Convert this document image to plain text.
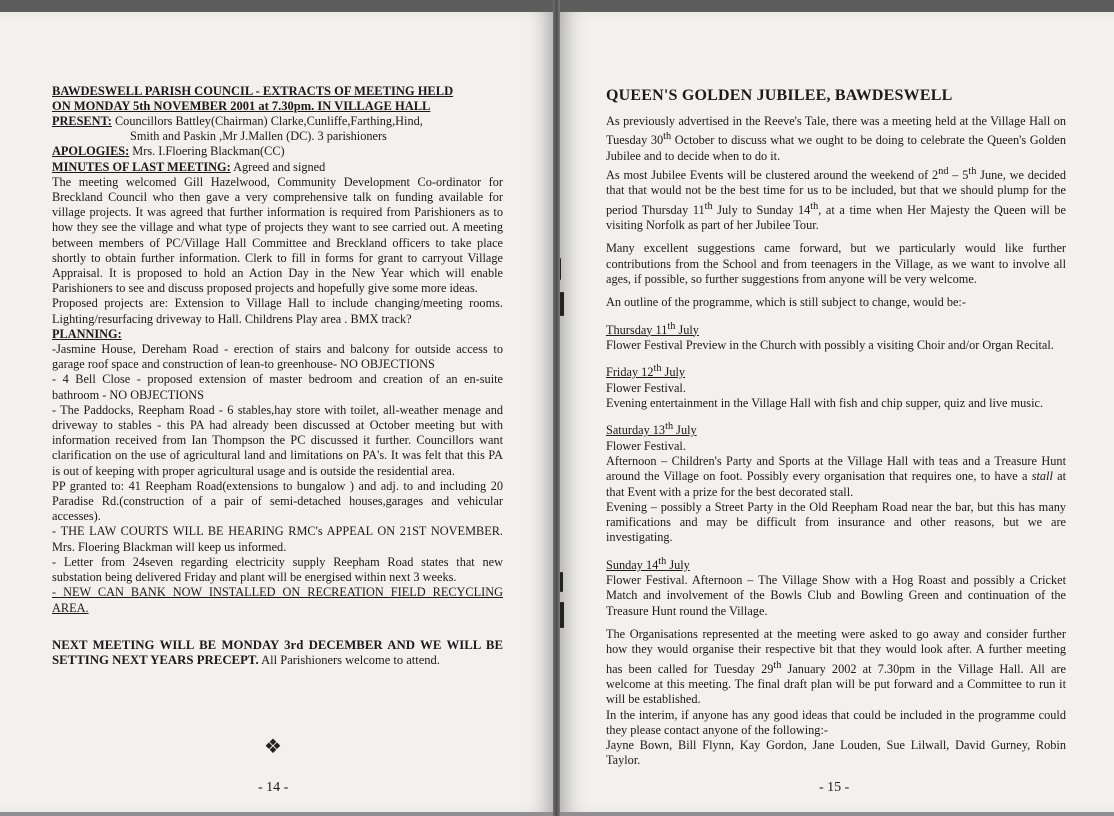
BAWDESWELL PARISH COUNCIL - EXTRACTS OF MEETING HELD

ON MONDAY 5th NOVEMBER 2001 at 7.30pm. IN VILLAGE HALL

PRESENT: Councillors Battley(Chairman) Clarke,Cunliffe,Farthing,Hind,

Smith and Paskin ,Mr J.Mallen (DC). 3 parishioners

APOLOGIES: Mrs. I.Floering Blackman(CC)

MINUTES OF LAST MEETING: Agreed and signed

The meeting welcomed Gill Hazelwood, Community Development Co-ordinator for Breckland Council who then gave a very comprehensive talk on funding available for village projects. It was agreed that further information is required from Parishioners as to how they see the village and what type of projects they want to see carried out. A meeting between members of PC/Village Hall Committee and Breckland officers to take place shortly to obtain further information. Clerk to fill in forms for grant to carryout Village Appraisal. It is proposed to hold an Action Day in the New Year which will enable Parishioners to see and discuss proposed projects and hopefully give some more ideas.

Proposed projects are: Extension to Village Hall to include changing/meeting rooms. Lighting/resurfacing driveway to Hall. Childrens Play area . BMX track?

PLANNING:

-Jasmine House, Dereham Road - erection of stairs and balcony for outside access to garage roof space and construction of lean-to greenhouse- NO OBJECTIONS

- 4 Bell Close - proposed extension of master bedroom and creation of an en-suite bathroom - NO OBJECTIONS

- The Paddocks, Reepham Road - 6 stables,hay store with toilet, all-weather menage and driveway to stables - this PA had already been discussed at October meeting but with information received from Ian Thompson the PC discussed it further. Councillors want clarification on the use of agricultural land and limitations on PA's. It was felt that this PA is out of keeping with proper agricultural usage and is outside the residential area.

PP granted to: 41 Reepham Road(extensions to bungalow ) and adj. to and including 20 Paradise Rd.(construction of a pair of semi-detached houses,garages and vehicular accesses).

- THE LAW COURTS WILL BE HEARING RMC's APPEAL ON 21ST NOVEMBER. Mrs. Floering Blackman will keep us informed.

- Letter from 24seven regarding electricity supply Reepham Road states that new substation being delivered Friday and plant will be energised within next 3 weeks.

- NEW CAN BANK NOW INSTALLED ON RECREATION FIELD RECYCLING AREA.

NEXT MEETING WILL BE MONDAY 3rd DECEMBER AND WE WILL BE SETTING NEXT YEARS PRECEPT. All Parishioners welcome to attend.

❖
- 14 -

QUEEN'S GOLDEN JUBILEE, BAWDESWELL

As previously advertised in the Reeve's Tale, there was a meeting held at the Village Hall on Tuesday 30th October to discuss what we ought to be doing to celebrate the Queen's Golden Jubilee and to decide when to do it.

As most Jubilee Events will be clustered around the weekend of 2nd – 5th June, we decided that that would not be the best time for us to be included, but that we should plump for the period Thursday 11th July to Sunday 14th, at a time when Her Majesty the Queen will be visiting Norfolk as part of her Jubilee Tour.

Many excellent suggestions came forward, but we particularly would like further contributions from the School and from teenagers in the Village, as we want to involve all ages, if possible, so further suggestions from anyone will be very welcome.

An outline of the programme, which is still subject to change, would be:-

Thursday 11th July

Flower Festival Preview in the Church with possibly a visiting Choir and/or Organ Recital.

Friday 12th July

Flower Festival.

Evening entertainment in the Village Hall with fish and chip supper, quiz and live music.

Saturday 13th July

Flower Festival.

Afternoon – Children's Party and Sports at the Village Hall with teas and a Treasure Hunt around the Village on foot. Possibly every organisation that requires one, to have a stall at that Event with a prize for the best decorated stall.

Evening – possibly a Street Party in the Old Reepham Road near the bar, but this has many ramifications and may be difficult from insurance and other reasons, but we are investigating.

Sunday 14th July

Flower Festival. Afternoon – The Village Show with a Hog Roast and possibly a Cricket Match and involvement of the Bowls Club and Bowling Green and continuation of the Treasure Hunt round the Village.

The Organisations represented at the meeting were asked to go away and consider further how they would organise their respective bit that they would look after. A further meeting has been called for Tuesday 29th January 2002 at 7.30pm in the Village Hall. All are welcome at this meeting. The final draft plan will be put forward and a Committee to run it will be established.

In the interim, if anyone has any good ideas that could be included in the programme could they please contact anyone of the following:-

Jayne Bown, Bill Flynn, Kay Gordon, Jane Louden, Sue Lilwall, David Gurney, Robin Taylor.

- 15 -
